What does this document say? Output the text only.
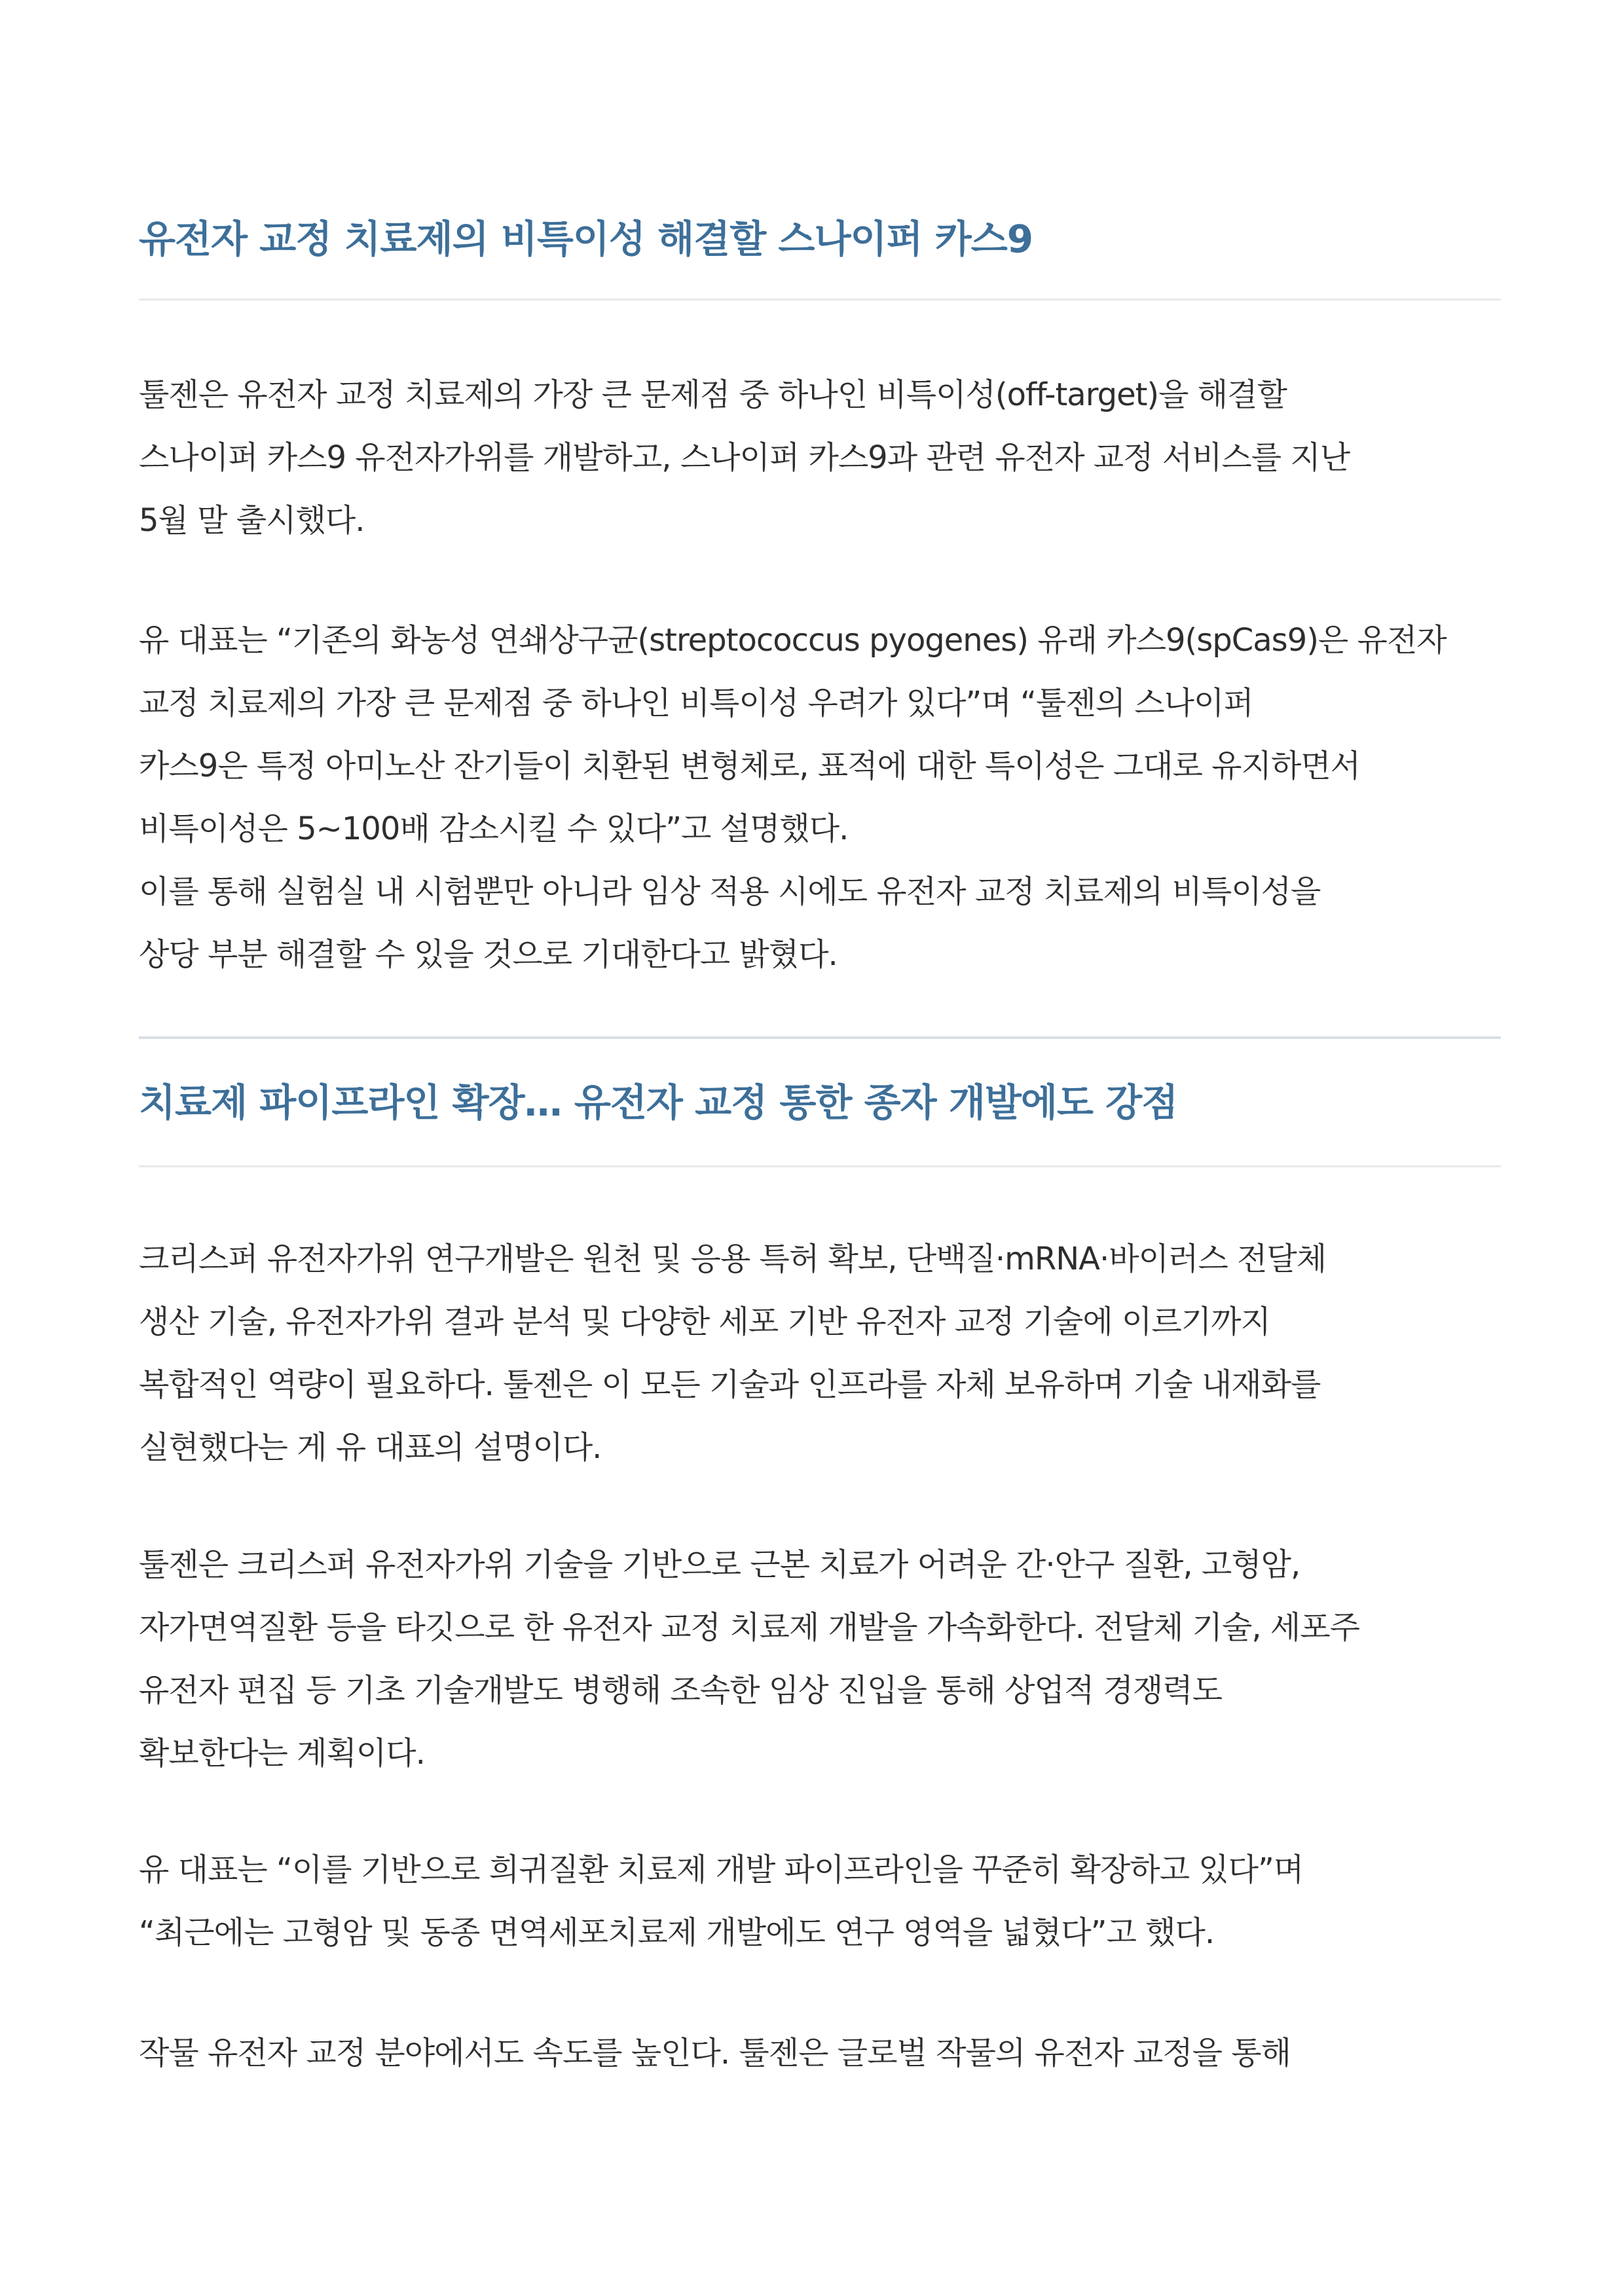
유전자 교정 치료제의 비특이성 해결할 스나이퍼 카스9

툴젠은 유전자 교정 치료제의 가장 큰 문제점 중 하나인 비특이성(off-target)을 해결할
스나이퍼 카스9 유전자가위를 개발하고, 스나이퍼 카스9과 관련 유전자 교정 서비스를 지난
5월 말 출시했다.

유 대표는 “기존의 화농성 연쇄상구균(streptococcus pyogenes) 유래 카스9(spCas9)은 유전자
교정 치료제의 가장 큰 문제점 중 하나인 비특이성 우려가 있다”며 “툴젠의 스나이퍼
카스9은 특정 아미노산 잔기들이 치환된 변형체로, 표적에 대한 특이성은 그대로 유지하면서
비특이성은 5~100배 감소시킬 수 있다”고 설명했다.
이를 통해 실험실 내 시험뿐만 아니라 임상 적용 시에도 유전자 교정 치료제의 비특이성을
상당 부분 해결할 수 있을 것으로 기대한다고 밝혔다.

치료제 파이프라인 확장… 유전자 교정 통한 종자 개발에도 강점

크리스퍼 유전자가위 연구개발은 원천 및 응용 특허 확보, 단백질·mRNA·바이러스 전달체
생산 기술, 유전자가위 결과 분석 및 다양한 세포 기반 유전자 교정 기술에 이르기까지
복합적인 역량이 필요하다. 툴젠은 이 모든 기술과 인프라를 자체 보유하며 기술 내재화를
실현했다는 게 유 대표의 설명이다.

툴젠은 크리스퍼 유전자가위 기술을 기반으로 근본 치료가 어려운 간·안구 질환, 고형암,
자가면역질환 등을 타깃으로 한 유전자 교정 치료제 개발을 가속화한다. 전달체 기술, 세포주
유전자 편집 등 기초 기술개발도 병행해 조속한 임상 진입을 통해 상업적 경쟁력도
확보한다는 계획이다.

유 대표는 “이를 기반으로 희귀질환 치료제 개발 파이프라인을 꾸준히 확장하고 있다”며
“최근에는 고형암 및 동종 면역세포치료제 개발에도 연구 영역을 넓혔다”고 했다.

작물 유전자 교정 분야에서도 속도를 높인다. 툴젠은 글로벌 작물의 유전자 교정을 통해
